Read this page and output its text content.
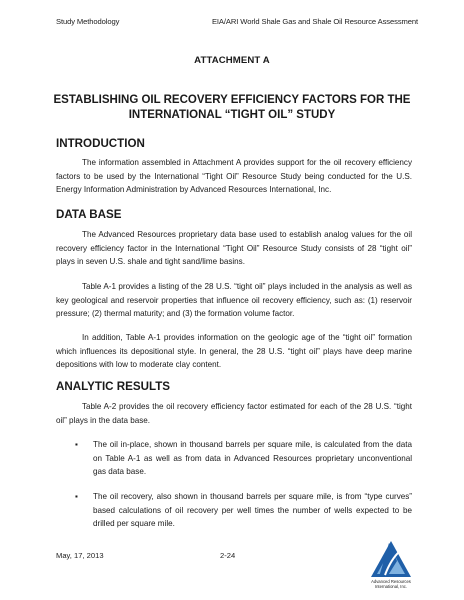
Study Methodology	EIA/ARI World Shale Gas and Shale Oil Resource Assessment
ATTACHMENT A
ESTABLISHING OIL RECOVERY EFFICIENCY FACTORS FOR THE
INTERNATIONAL “TIGHT OIL” STUDY
INTRODUCTION

The information assembled in Attachment A provides support for the oil recovery efficiency factors to be used by the International “Tight Oil” Resource Study being conducted for the U.S. Energy Information Administration by Advanced Resources International, Inc.

DATA BASE

The Advanced Resources proprietary data base used to establish analog values for the oil recovery efficiency factor in the International “Tight Oil” Resource Study consists of 28 “tight oil” plays in seven U.S. shale and tight sand/lime basins.

Table A-1 provides a listing of the 28 U.S. “tight oil” plays included in the analysis as well as key geological and reservoir properties that influence oil recovery efficiency, such as: (1) reservoir pressure; (2) thermal maturity; and (3) the formation volume factor.

In addition, Table A-1 provides information on the geologic age of the “tight oil” formation which influences its depositional style. In general, the 28 U.S. “tight oil” plays have deep marine depositions with low to moderate clay content.

ANALYTIC RESULTS

Table A-2 provides the oil recovery efficiency factor estimated for each of the 28 U.S. “tight oil” plays in the data base.

▪ The oil in-place, shown in thousand barrels per square mile, is calculated from the data on Table A-1 as well as from data in Advanced Resources proprietary unconventional gas data base.

▪ The oil recovery, also shown in thousand barrels per square mile, is from “type curves” based calculations of oil recovery per well times the number of wells expected to be drilled per square mile.

May, 17, 2013	2-24
Advanced Resources
International, Inc.
